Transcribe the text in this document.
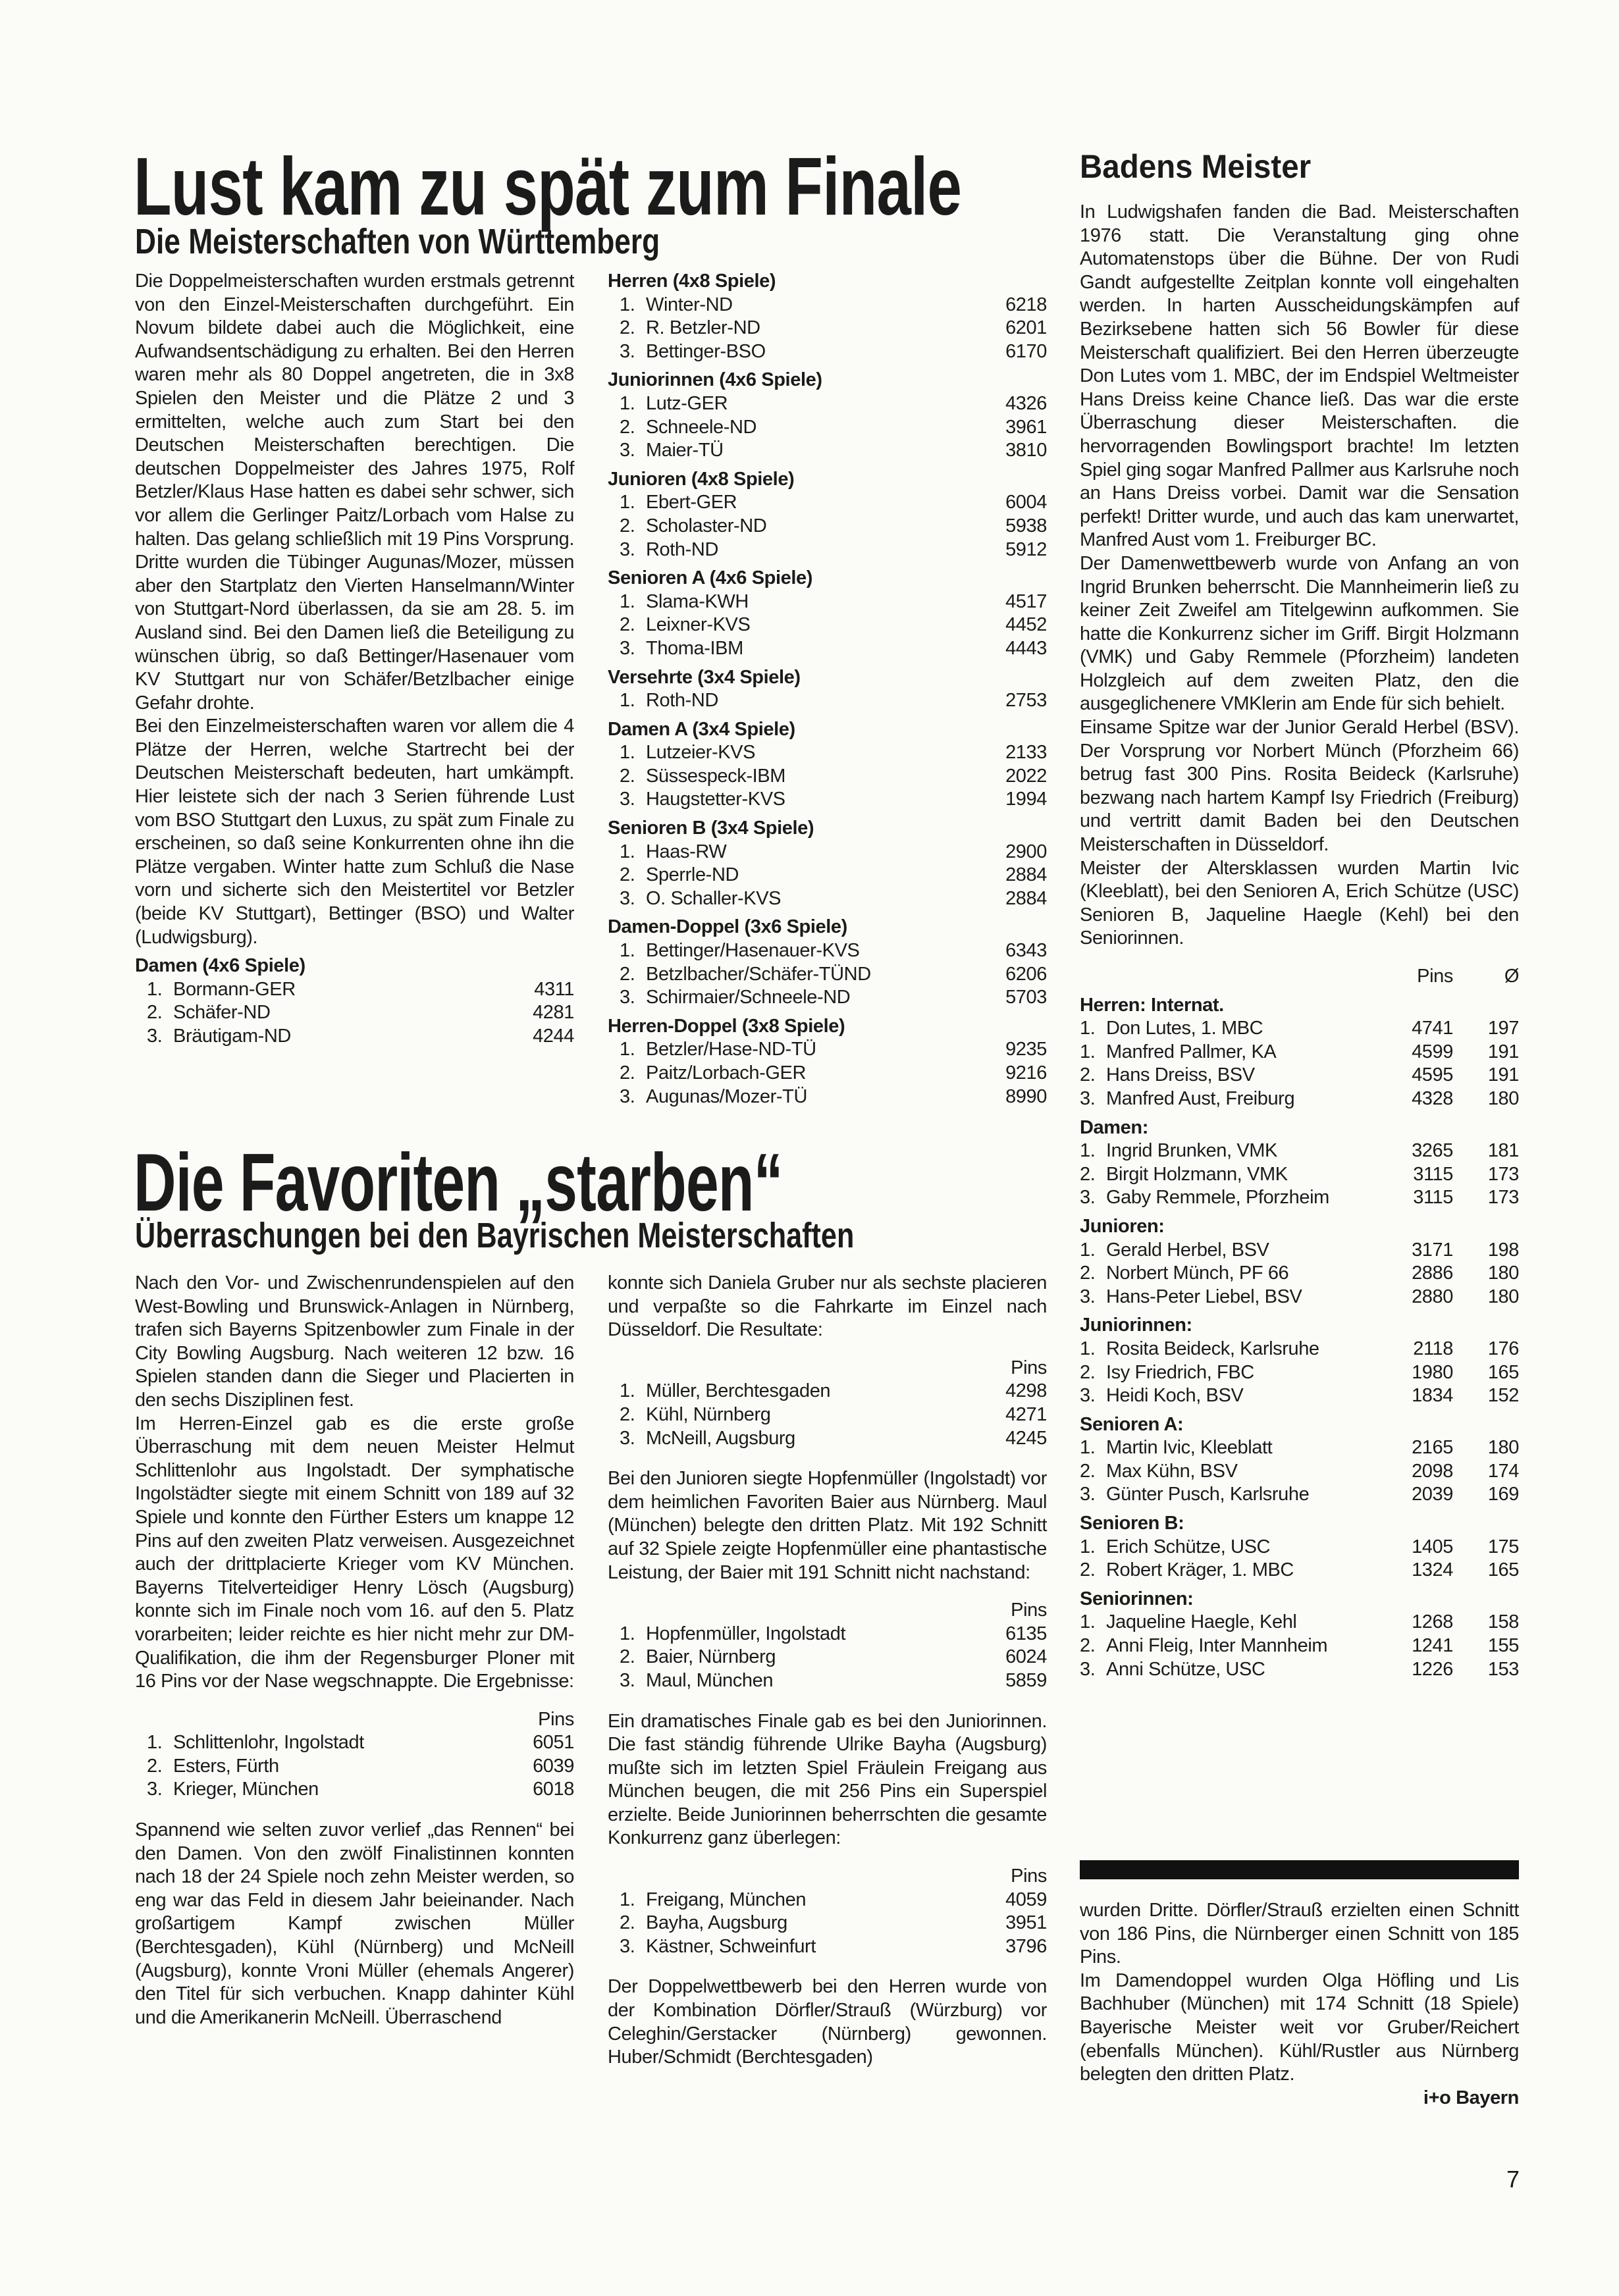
Lust kam zu spät zum Finale
Die Meisterschaften von Württemberg

Die Doppelmeisterschaften wurden erstmals getrennt von den Einzel-Meisterschaften durchgeführt. Ein Novum bildete dabei auch die Möglichkeit, eine Aufwandsentschädigung zu erhalten. Bei den Herren waren mehr als 80 Doppel angetreten, die in 3x8 Spielen den Meister und die Plätze 2 und 3 ermittelten, welche auch zum Start bei den Deutschen Meisterschaften berechtigen. Die deutschen Doppelmeister des Jahres 1975, Rolf Betzler/Klaus Hase hatten es dabei sehr schwer, sich vor allem die Gerlinger Paitz/Lorbach vom Halse zu halten. Das gelang schließlich mit 19 Pins Vorsprung. Dritte wurden die Tübinger Augunas/Mozer, müssen aber den Startplatz den Vierten Hanselmann/Winter von Stuttgart-Nord überlassen, da sie am 28. 5. im Ausland sind. Bei den Damen ließ die Beteiligung zu wünschen übrig, so daß Bettinger/Hasenauer vom KV Stuttgart nur von Schäfer/Betzlbacher einige Gefahr drohte.

Bei den Einzelmeisterschaften waren vor allem die 4 Plätze der Herren, welche Startrecht bei der Deutschen Meisterschaft bedeuten, hart umkämpft. Hier leistete sich der nach 3 Serien führende Lust vom BSO Stuttgart den Luxus, zu spät zum Finale zu erscheinen, so daß seine Konkurrenten ohne ihn die Plätze vergaben. Winter hatte zum Schluß die Nase vorn und sicherte sich den Meistertitel vor Betzler (beide KV Stuttgart), Bettinger (BSO) und Walter (Ludwigsburg).

Damen (4x6 Spiele)
1. Bormann-GER	4311
2. Schäfer-ND	4281
3. Bräutigam-ND	4244
Herren (4x8 Spiele)
1. Winter-ND	6218
2. R. Betzler-ND	6201
3. Bettinger-BSO	6170
Juniorinnen (4x6 Spiele)
1. Lutz-GER	4326
2. Schneele-ND	3961
3. Maier-TÜ	3810
Junioren (4x8 Spiele)
1. Ebert-GER	6004
2. Scholaster-ND	5938
3. Roth-ND	5912
Senioren A (4x6 Spiele)
1. Slama-KWH	4517
2. Leixner-KVS	4452
3. Thoma-IBM	4443
Versehrte (3x4 Spiele)
1. Roth-ND	2753
Damen A (3x4 Spiele)
1. Lutzeier-KVS	2133
2. Süssespeck-IBM	2022
3. Haugstetter-KVS	1994
Senioren B (3x4 Spiele)
1. Haas-RW	2900
2. Sperrle-ND	2884
3. O. Schaller-KVS	2884
Damen-Doppel (3x6 Spiele)
1. Bettinger/Hasenauer-KVS	6343
2. Betzlbacher/Schäfer-TÜND	6206
3. Schirmaier/Schneele-ND	5703
Herren-Doppel (3x8 Spiele)
1. Betzler/Hase-ND-TÜ	9235
2. Paitz/Lorbach-GER	9216
3. Augunas/Mozer-TÜ	8990
Badens Meister

In Ludwigshafen fanden die Bad. Meisterschaften 1976 statt. Die Veranstaltung ging ohne Automatenstops über die Bühne. Der von Rudi Gandt aufgestellte Zeitplan konnte voll eingehalten werden. In harten Ausscheidungskämpfen auf Bezirksebene hatten sich 56 Bowler für diese Meisterschaft qualifiziert. Bei den Herren überzeugte Don Lutes vom 1. MBC, der im Endspiel Weltmeister Hans Dreiss keine Chance ließ. Das war die erste Überraschung dieser Meisterschaften. die hervorragenden Bowlingsport brachte! Im letzten Spiel ging sogar Manfred Pallmer aus Karlsruhe noch an Hans Dreiss vorbei. Damit war die Sensation perfekt! Dritter wurde, und auch das kam unerwartet, Manfred Aust vom 1. Freiburger BC.

Der Damenwettbewerb wurde von Anfang an von Ingrid Brunken beherrscht. Die Mannheimerin ließ zu keiner Zeit Zweifel am Titelgewinn aufkommen. Sie hatte die Konkurrenz sicher im Griff. Birgit Holzmann (VMK) und Gaby Remmele (Pforzheim) landeten Holzgleich auf dem zweiten Platz, den die ausgeglichenere VMKlerin am Ende für sich behielt.

Einsame Spitze war der Junior Gerald Herbel (BSV). Der Vorsprung vor Norbert Münch (Pforzheim 66) betrug fast 300 Pins. Rosita Beideck (Karlsruhe) bezwang nach hartem Kampf Isy Friedrich (Freiburg) und vertritt damit Baden bei den Deutschen Meisterschaften in Düsseldorf.

Meister der Altersklassen wurden Martin Ivic (Kleeblatt), bei den Senioren A, Erich Schütze (USC) Senioren B, Jaqueline Haegle (Kehl) bei den Seniorinnen.

Pins	Ø
Herren: Internat.
1. Don Lutes, 1. MBC	4741	197
1. Manfred Pallmer, KA	4599	191
2. Hans Dreiss, BSV	4595	191
3. Manfred Aust, Freiburg	4328	180
Damen:
1. Ingrid Brunken, VMK	3265	181
2. Birgit Holzmann, VMK	3115	173
3. Gaby Remmele, Pforzheim	3115	173
Junioren:
1. Gerald Herbel, BSV	3171	198
2. Norbert Münch, PF 66	2886	180
3. Hans-Peter Liebel, BSV	2880	180
Juniorinnen:
1. Rosita Beideck, Karlsruhe	2118	176
2. Isy Friedrich, FBC	1980	165
3. Heidi Koch, BSV	1834	152
Senioren A:
1. Martin Ivic, Kleeblatt	2165	180
2. Max Kühn, BSV	2098	174
3. Günter Pusch, Karlsruhe	2039	169
Senioren B:
1. Erich Schütze, USC	1405	175
2. Robert Kräger, 1. MBC	1324	165
Seniorinnen:
1. Jaqueline Haegle, Kehl	1268	158
2. Anni Fleig, Inter Mannheim	1241	155
3. Anni Schütze, USC	1226	153
Die Favoriten „starben“
Überraschungen bei den Bayrischen Meisterschaften

Nach den Vor- und Zwischenrundenspielen auf den West-Bowling und Brunswick-Anlagen in Nürnberg, trafen sich Bayerns Spitzenbowler zum Finale in der City Bowling Augsburg. Nach weiteren 12 bzw. 16 Spielen standen dann die Sieger und Placierten in den sechs Disziplinen fest.

Im Herren-Einzel gab es die erste große Überraschung mit dem neuen Meister Helmut Schlittenlohr aus Ingolstadt. Der symphatische Ingolstädter siegte mit einem Schnitt von 189 auf 32 Spiele und konnte den Fürther Esters um knappe 12 Pins auf den zweiten Platz verweisen. Ausgezeichnet auch der drittplacierte Krieger vom KV München. Bayerns Titelverteidiger Henry Lösch (Augsburg) konnte sich im Finale noch vom 16. auf den 5. Platz vorarbeiten; leider reichte es hier nicht mehr zur DM-Qualifikation, die ihm der Regensburger Ploner mit 16 Pins vor der Nase wegschnappte. Die Ergebnisse:

Pins
1. Schlittenlohr, Ingolstadt	6051
2. Esters, Fürth	6039
3. Krieger, München	6018

Spannend wie selten zuvor verlief „das Rennen“ bei den Damen. Von den zwölf Finalistinnen konnten nach 18 der 24 Spiele noch zehn Meister werden, so eng war das Feld in diesem Jahr beieinander. Nach großartigem Kampf zwischen Müller (Berchtesgaden), Kühl (Nürnberg) und McNeill (Augsburg), konnte Vroni Müller (ehemals Angerer) den Titel für sich verbuchen. Knapp dahinter Kühl und die Amerikanerin McNeill. Überraschend

konnte sich Daniela Gruber nur als sechste placieren und verpaßte so die Fahrkarte im Einzel nach Düsseldorf. Die Resultate:

Pins
1. Müller, Berchtesgaden	4298
2. Kühl, Nürnberg	4271
3. McNeill, Augsburg	4245

Bei den Junioren siegte Hopfenmüller (Ingolstadt) vor dem heimlichen Favoriten Baier aus Nürnberg. Maul (München) belegte den dritten Platz. Mit 192 Schnitt auf 32 Spiele zeigte Hopfenmüller eine phantastische Leistung, der Baier mit 191 Schnitt nicht nachstand:

Pins
1. Hopfenmüller, Ingolstadt	6135
2. Baier, Nürnberg	6024
3. Maul, München	5859

Ein dramatisches Finale gab es bei den Juniorinnen. Die fast ständig führende Ulrike Bayha (Augsburg) mußte sich im letzten Spiel Fräulein Freigang aus München beugen, die mit 256 Pins ein Superspiel erzielte. Beide Juniorinnen beherrschten die gesamte Konkurrenz ganz überlegen:

Pins
1. Freigang, München	4059
2. Bayha, Augsburg	3951
3. Kästner, Schweinfurt	3796

Der Doppelwettbewerb bei den Herren wurde von der Kombination Dörfler/Strauß (Würzburg) vor Celeghin/Gerstacker (Nürnberg) gewonnen. Huber/Schmidt (Berchtesgaden)

wurden Dritte. Dörfler/Strauß erzielten einen Schnitt von 186 Pins, die Nürnberger einen Schnitt von 185 Pins.

Im Damendoppel wurden Olga Höfling und Lis Bachhuber (München) mit 174 Schnitt (18 Spiele) Bayerische Meister weit vor Gruber/Reichert (ebenfalls München). Kühl/Rustler aus Nürnberg belegten den dritten Platz.

i+o Bayern
7
